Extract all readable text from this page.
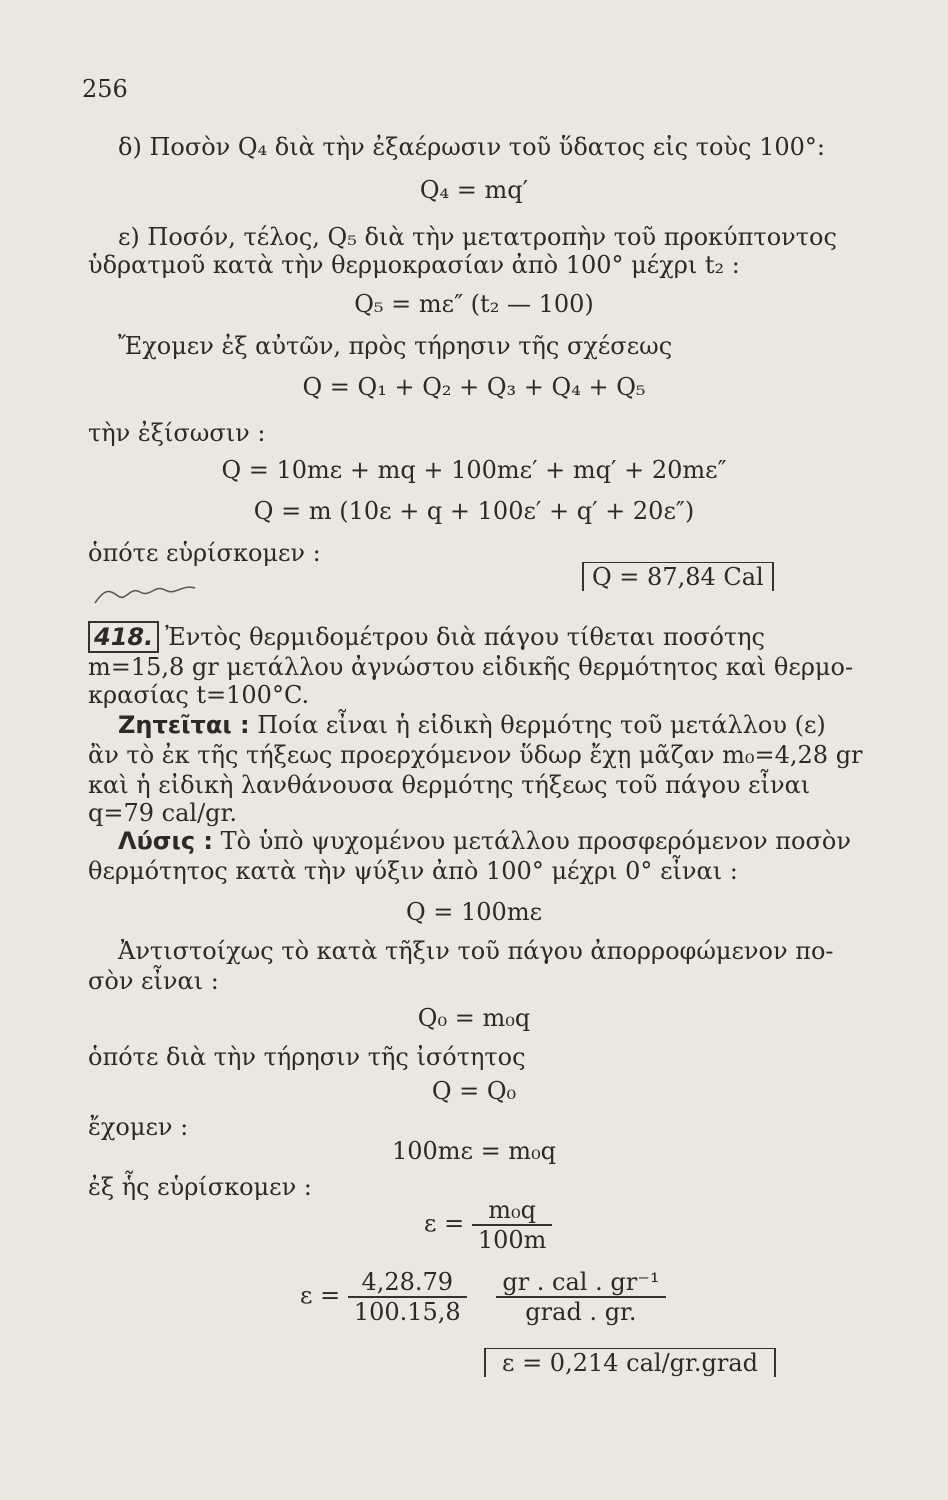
256
δ) Ποσὸν Q₄ διὰ τὴν ἐξαέρωσιν τοῦ ὕδατος εἰς τοὺς 100°:
Q₄ = mq′
ε) Ποσόν, τέλος, Q₅ διὰ τὴν μετατροπὴν τοῦ προκύπτοντος
ὑδρατμοῦ κατὰ τὴν θερμοκρασίαν ἀπὸ 100° μέχρι t₂ :
Q₅ = mε″ (t₂ — 100)
Ἔχομεν ἐξ αὐτῶν, πρὸς τήρησιν τῆς σχέσεως
Q = Q₁ + Q₂ + Q₃ + Q₄ + Q₅
τὴν ἐξίσωσιν :
Q = 10mε + mq + 100mε′ + mq′ + 20mε″
Q = m (10ε + q + 100ε′ + q′ + 20ε″)
ὁπότε εὑρίσκομεν :
Q = 87,84 Cal
418. Ἐντὸς θερμιδομέτρου διὰ πάγου τίθεται ποσότης
m=15,8 gr μετάλλου ἀγνώστου εἰδικῆς θερμότητος καὶ θερμο-
κρασίας t=100°C.
Ζητεῖται : Ποία εἶναι ἡ εἰδικὴ θερμότης τοῦ μετάλλου (ε)
ἂν τὸ ἐκ τῆς τήξεως προερχόμενον ὕδωρ ἔχῃ μᾶζαν m₀=4,28 gr
καὶ ἡ εἰδικὴ λανθάνουσα θερμότης τήξεως τοῦ πάγου εἶναι
q=79 cal/gr.
Λύσις : Τὸ ὑπὸ ψυχομένου μετάλλου προσφερόμενον ποσὸν
θερμότητος κατὰ τὴν ψύξιν ἀπὸ 100° μέχρι 0° εἶναι :
Q = 100mε
Ἀντιστοίχως τὸ κατὰ τῆξιν τοῦ πάγου ἀπορροφώμενον πο-
σὸν εἶναι :
Q₀ = m₀q
ὁπότε διὰ τὴν τήρησιν τῆς ἰσότητος
Q = Q₀
ἔχομεν :
100mε = m₀q
ἐξ ἧς εὑρίσκομεν :
$\varepsilon = \frac{\text{m₀q}}{100m}$
$\varepsilon = \frac{4,28.79}{100.15,8}$
$\frac{\text{gr . cal . gr⁻¹}}{\text{grad . gr.}}$
ε = 0,214 cal/gr.grad
